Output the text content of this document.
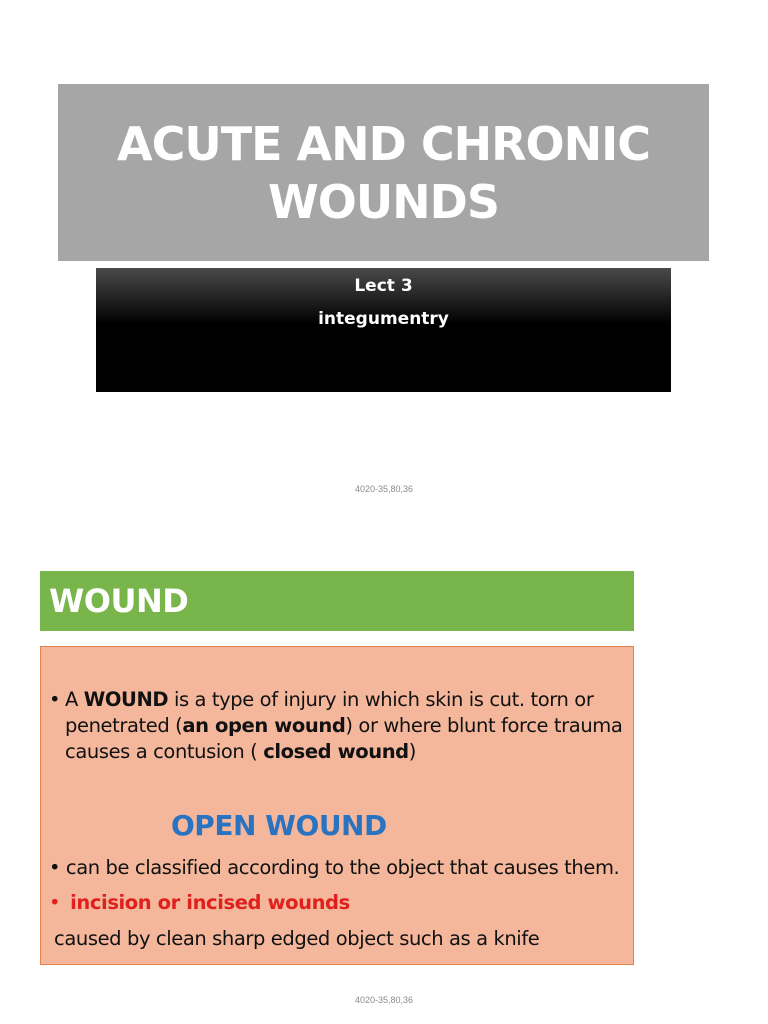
ACUTE AND CHRONIC WOUNDS
Lect 3
integumentry
4020-35,80,36
WOUND
• A WOUND is a type of injury in which skin is cut. torn or penetrated (an open wound) or where blunt force trauma causes a contusion ( closed wound)
OPEN WOUND
• can be classified according to the object that causes them.
• incision or incised wounds
caused by clean sharp edged object such as a knife
4020-35,80,36
